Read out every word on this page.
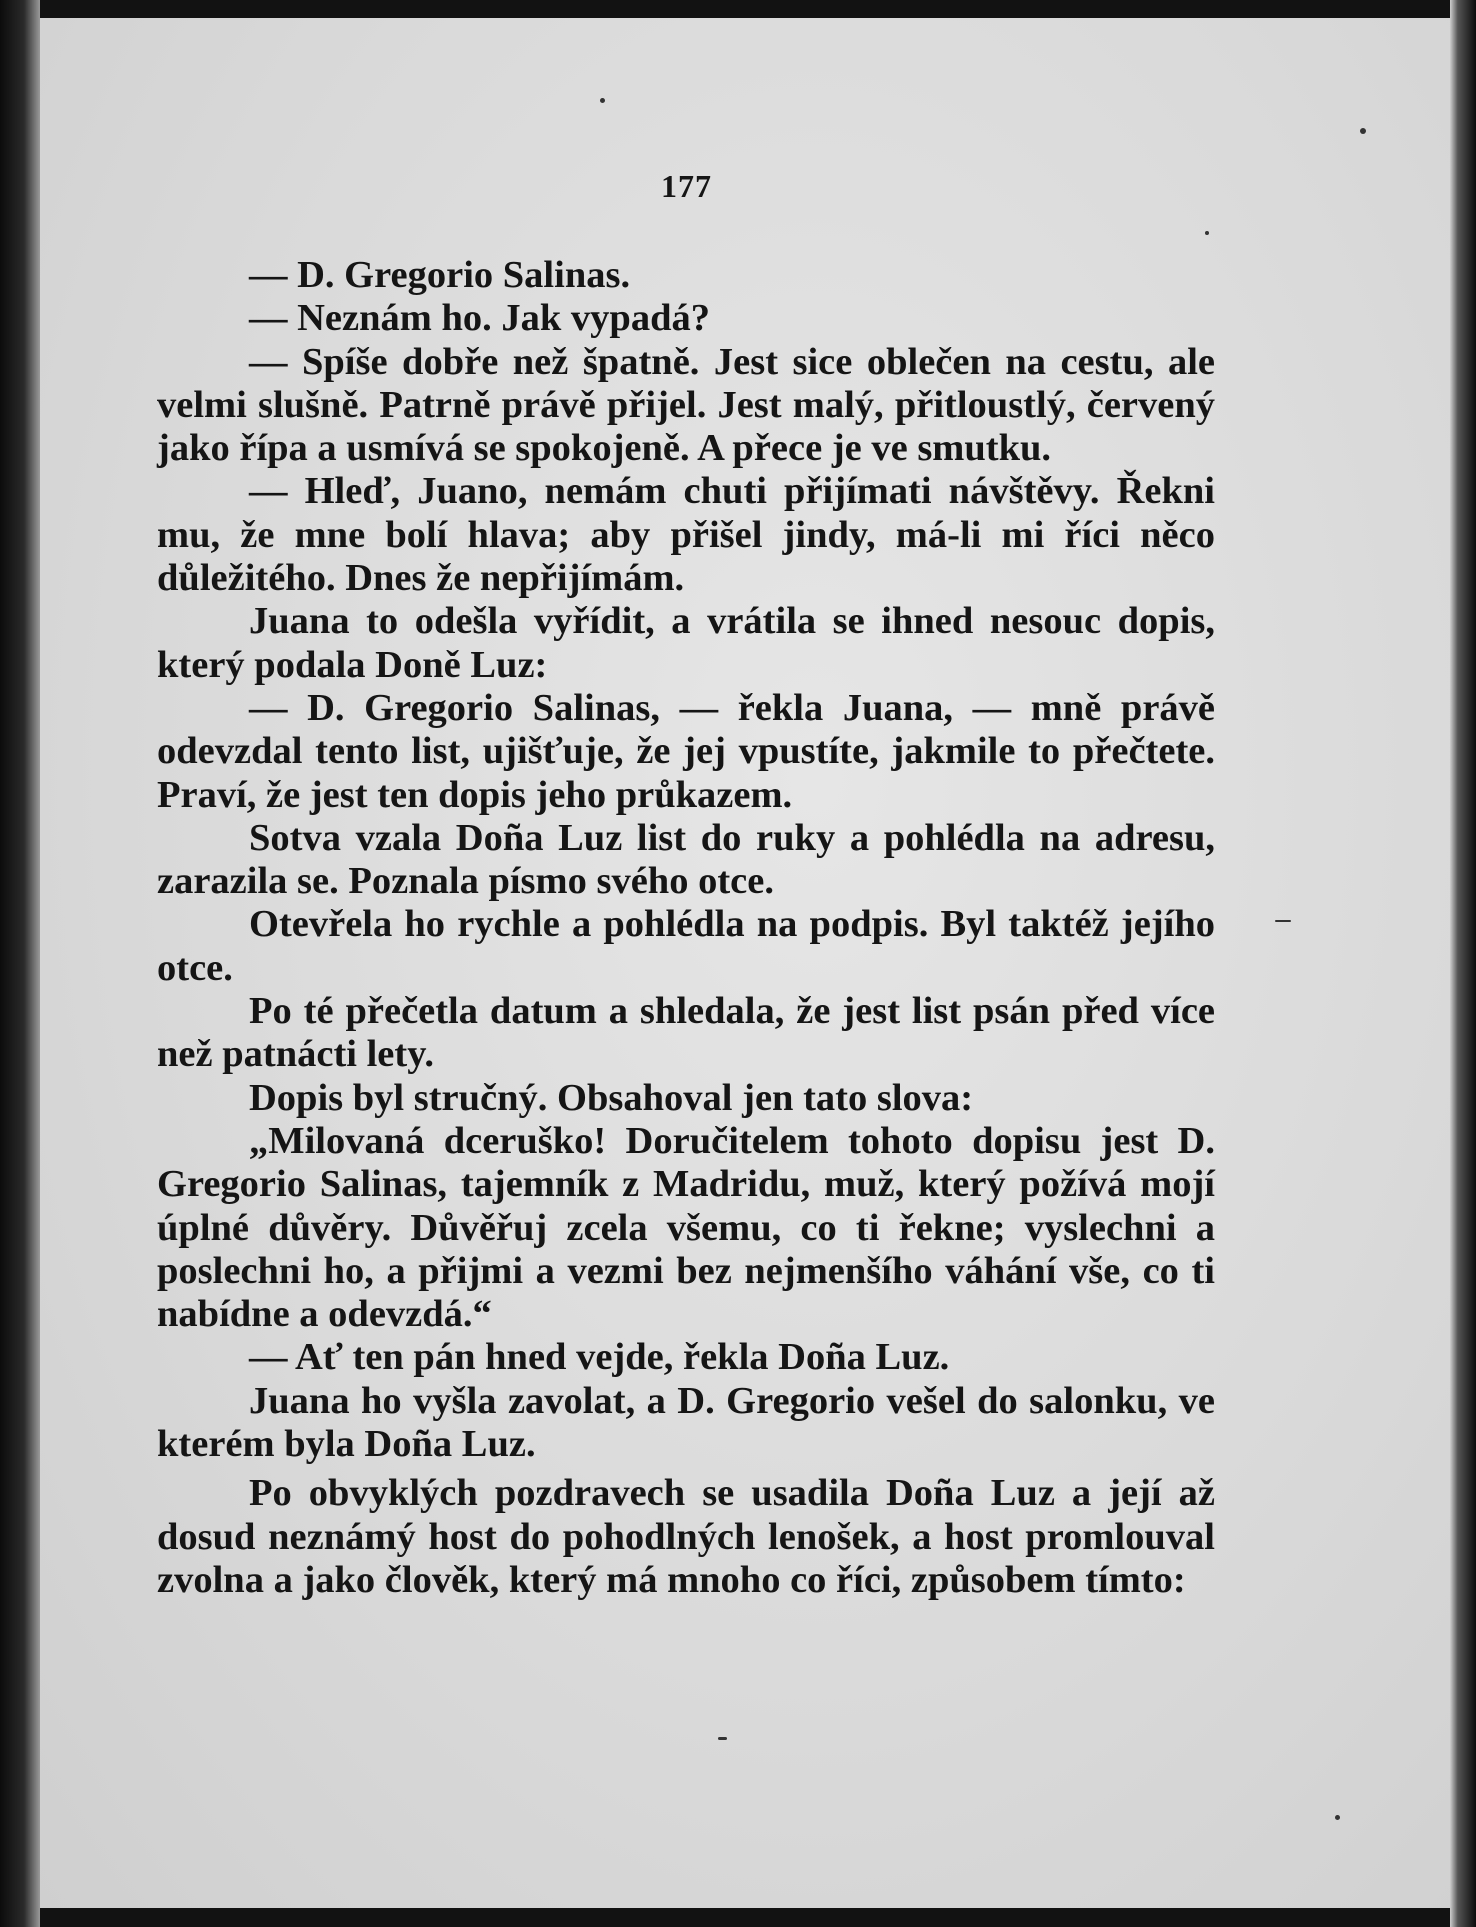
177

— D. Gregorio Salinas.

— Neznám ho. Jak vypadá?

— Spíše dobře než špatně. Jest sice oblečen na cestu, ale velmi slušně. Patrně právě přijel. Jest malý, přitloustlý, červený jako řípa a usmívá se spokojeně. A přece je ve smutku.

— Hleď, Juano, nemám chuti přijímati návštěvy. Řekni mu, že mne bolí hlava; aby přišel jindy, má-li mi říci něco důležitého. Dnes že nepřijímám.

Juana to odešla vyřídit, a vrátila se ihned nesouc dopis, který podala Doně Luz:

— D. Gregorio Salinas, — řekla Juana, — mně právě odevzdal tento list, ujišťuje, že jej vpustíte, jakmile to přečtete. Praví, že jest ten dopis jeho průkazem.

Sotva vzala Doña Luz list do ruky a pohlédla na adresu, zarazila se. Poznala písmo svého otce.

Otevřela ho rychle a pohlédla na podpis. Byl taktéž jejího otce.

Po té přečetla datum a shledala, že jest list psán před více než patnácti lety.

Dopis byl stručný. Obsahoval jen tato slova:

„Milovaná dceruško! Doručitelem tohoto dopisu jest D. Gregorio Salinas, tajemník z Madridu, muž, který požívá mojí úplné důvěry. Důvěřuj zcela všemu, co ti řekne; vyslechni a poslechni ho, a přijmi a vezmi bez nejmenšího váhání vše, co ti nabídne a odevzdá.“

— Ať ten pán hned vejde, řekla Doña Luz.

Juana ho vyšla zavolat, a D. Gregorio vešel do salonku, ve kterém byla Doña Luz.

Po obvyklých pozdravech se usadila Doña Luz a její až dosud neznámý host do pohodlných lenošek, a host promlouval zvolna a jako člověk, který má mnoho co říci, způsobem tímto:
